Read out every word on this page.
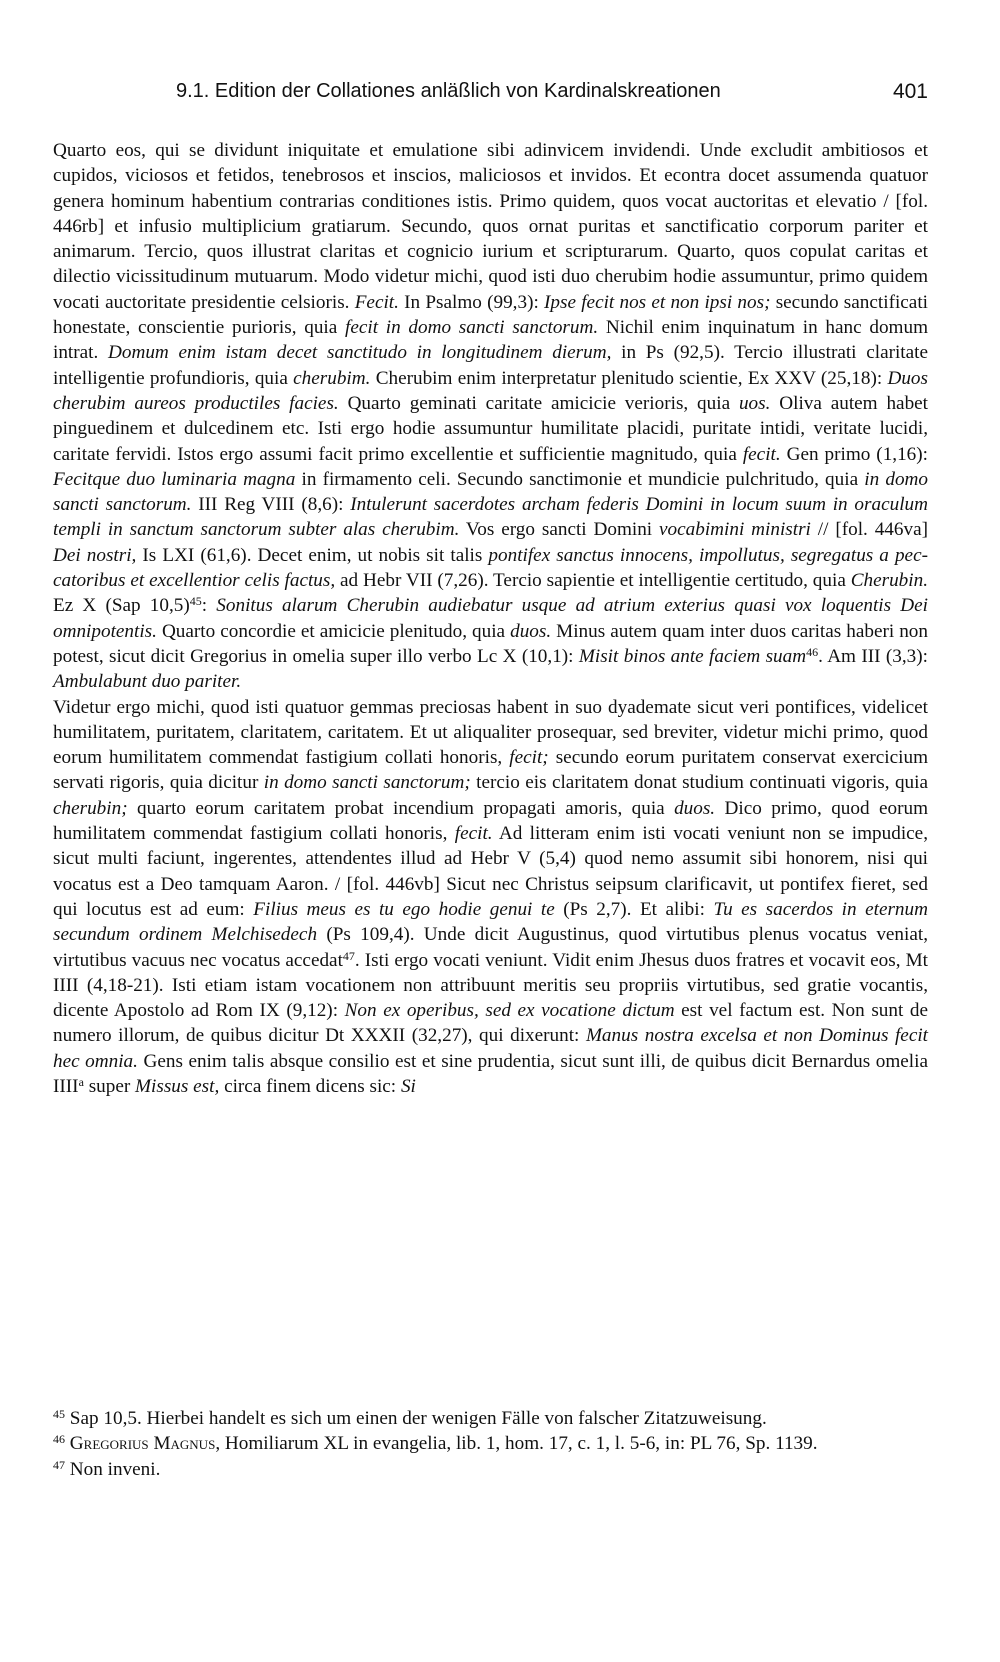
9.1. Edition der Collationes anläßlich von Kardinalskreationen	401

Quarto eos, qui se dividunt iniquitate et emulatione sibi adinvicem invidendi. Unde excludit ambitiosos et cupidos, viciosos et fetidos, tenebrosos et inscios, maliciosos et invidos. Et econtra docet assumenda quatuor genera hominum habentium contrarias conditiones istis. Primo quidem, quos vocat auctoritas et elevatio / [fol. 446rb] et infusio multiplicium gratiarum. Secundo, quos ornat puritas et sanctificatio corporum pariter et animarum. Tercio, quos illustrat claritas et cognicio iurium et scripturarum. Quarto, quos copulat caritas et dilectio vicissitudinum mutuarum. Modo videtur michi, quod isti duo cherubim hodie assumuntur, primo quidem vocati auctoritate presidentie celsioris. Fecit. In Psalmo (99,3): Ipse fecit nos et non ipsi nos; secundo sanctificati honestate, conscientie purioris, quia fecit in domo sancti sanctorum. Nichil enim inquinatum in hanc domum intrat. Domum enim istam decet sanctitudo in longitudinem dierum, in Ps (92,5). Tercio illustrati claritate intelligentie profundioris, quia cherubim. Cherubim enim interpretatur plenitudo scientie, Ex XXV (25,18): Duos cherubim aureos productiles facies. Quarto geminati caritate amicicie verioris, quia uos. Oliva autem habet pinguedinem et dulcedinem etc. Isti ergo hodie assumuntur humilitate placidi, puritate intidi, veritate lucidi, caritate fervidi. Istos ergo assumi facit primo excellentie et sufficientie magnitudo, quia fecit. Gen primo (1,16): Fecitque duo luminaria magna in firmamento celi. Secundo sanctimonie et mundicie pulchritudo, quia in domo sancti sanctorum. III Reg VIII (8,6): Intulerunt sacerdotes archam federis Domini in locum suum in oraculum templi in sanctum sanctorum subter alas cherubim. Vos ergo sancti Domini vocabimini ministri // [fol. 446va] Dei nostri, Is LXI (61,6). Decet enim, ut nobis sit talis pontifex sanctus innocens, impollutus, segregatus a peccatoribus et excellentior celis factus, ad Hebr VII (7,26). Tercio sapientie et intelligentie certitudo, quia Cherubin. Ez X (Sap 10,5)$^{45}$: Sonitus alarum Cherubin audiebatur usque ad atrium exterius quasi vox loquentis Dei omnipotentis. Quarto concordie et amicicie plenitudo, quia duos. Minus autem quam inter duos caritas haberi non potest, sicut dicit Gregorius in omelia super illo verbo Lc X (10,1): Misit binos ante faciem suam$^{46}$. Am III (3,3): Ambulabunt duo pariter.

Videtur ergo michi, quod isti quatuor gemmas preciosas habent in suo dyademate sicut veri pontifices, videlicet humilitatem, puritatem, claritatem, caritatem. Et ut aliqualiter prosequar, sed breviter, videtur michi primo, quod eorum humilitatem commendat fastigium collati honoris, fecit; secundo eorum puritatem conservat exercicium servati rigoris, quia dicitur in domo sancti sanctorum; tercio eis claritatem donat studium continuati vigoris, quia cherubin; quarto eorum caritatem probat incendium propagati amoris, quia duos. Dico primo, quod eorum humilitatem commendat fastigium collati honoris, fecit. Ad litteram enim isti vocati veniunt non se impudice, sicut multi faciunt, ingerentes, attendentes illud ad Hebr V (5,4) quod nemo assumit sibi honorem, nisi qui vocatus est a Deo tamquam Aaron. / [fol. 446vb] Sicut nec Christus seipsum clarificavit, ut pontifex fieret, sed qui locutus est ad eum: Filius meus es tu ego hodie genui te (Ps 2,7). Et alibi: Tu es sacerdos in eternum secundum ordinem Melchisedech (Ps 109,4). Unde dicit Augustinus, quod virtutibus plenus vocatus veniat, virtutibus vacuus nec vocatus accedat$^{47}$. Isti ergo vocati veniunt. Vidit enim Jhesus duos fratres et vocavit eos, Mt IIII (4,18-21). Isti etiam istam vocationem non attribuunt meritis seu propriis virtutibus, sed gratie vocantis, dicente Apostolo ad Rom IX (9,12): Non ex operibus, sed ex vocatione dictum est vel factum est. Non sunt de numero illorum, de quibus dicitur Dt XXXII (32,27), qui dixerunt: Manus nostra excelsa et non Dominus fecit hec omnia. Gens enim talis absque consilio est et sine prudentia, sicut sunt illi, de quibus dicit Bernardus omelia IIII$^a$ super Missus est, circa finem dicens sic: Si

$^{45}$ Sap 10,5. Hierbei handelt es sich um einen der wenigen Fälle von falscher Zitatzuweisung.

$^{46}$ Gregorius Magnus, Homiliarum XL in evangelia, lib. 1, hom. 17, c. 1, l. 5-6, in: PL 76, Sp. 1139.

$^{47}$ Non inveni.
